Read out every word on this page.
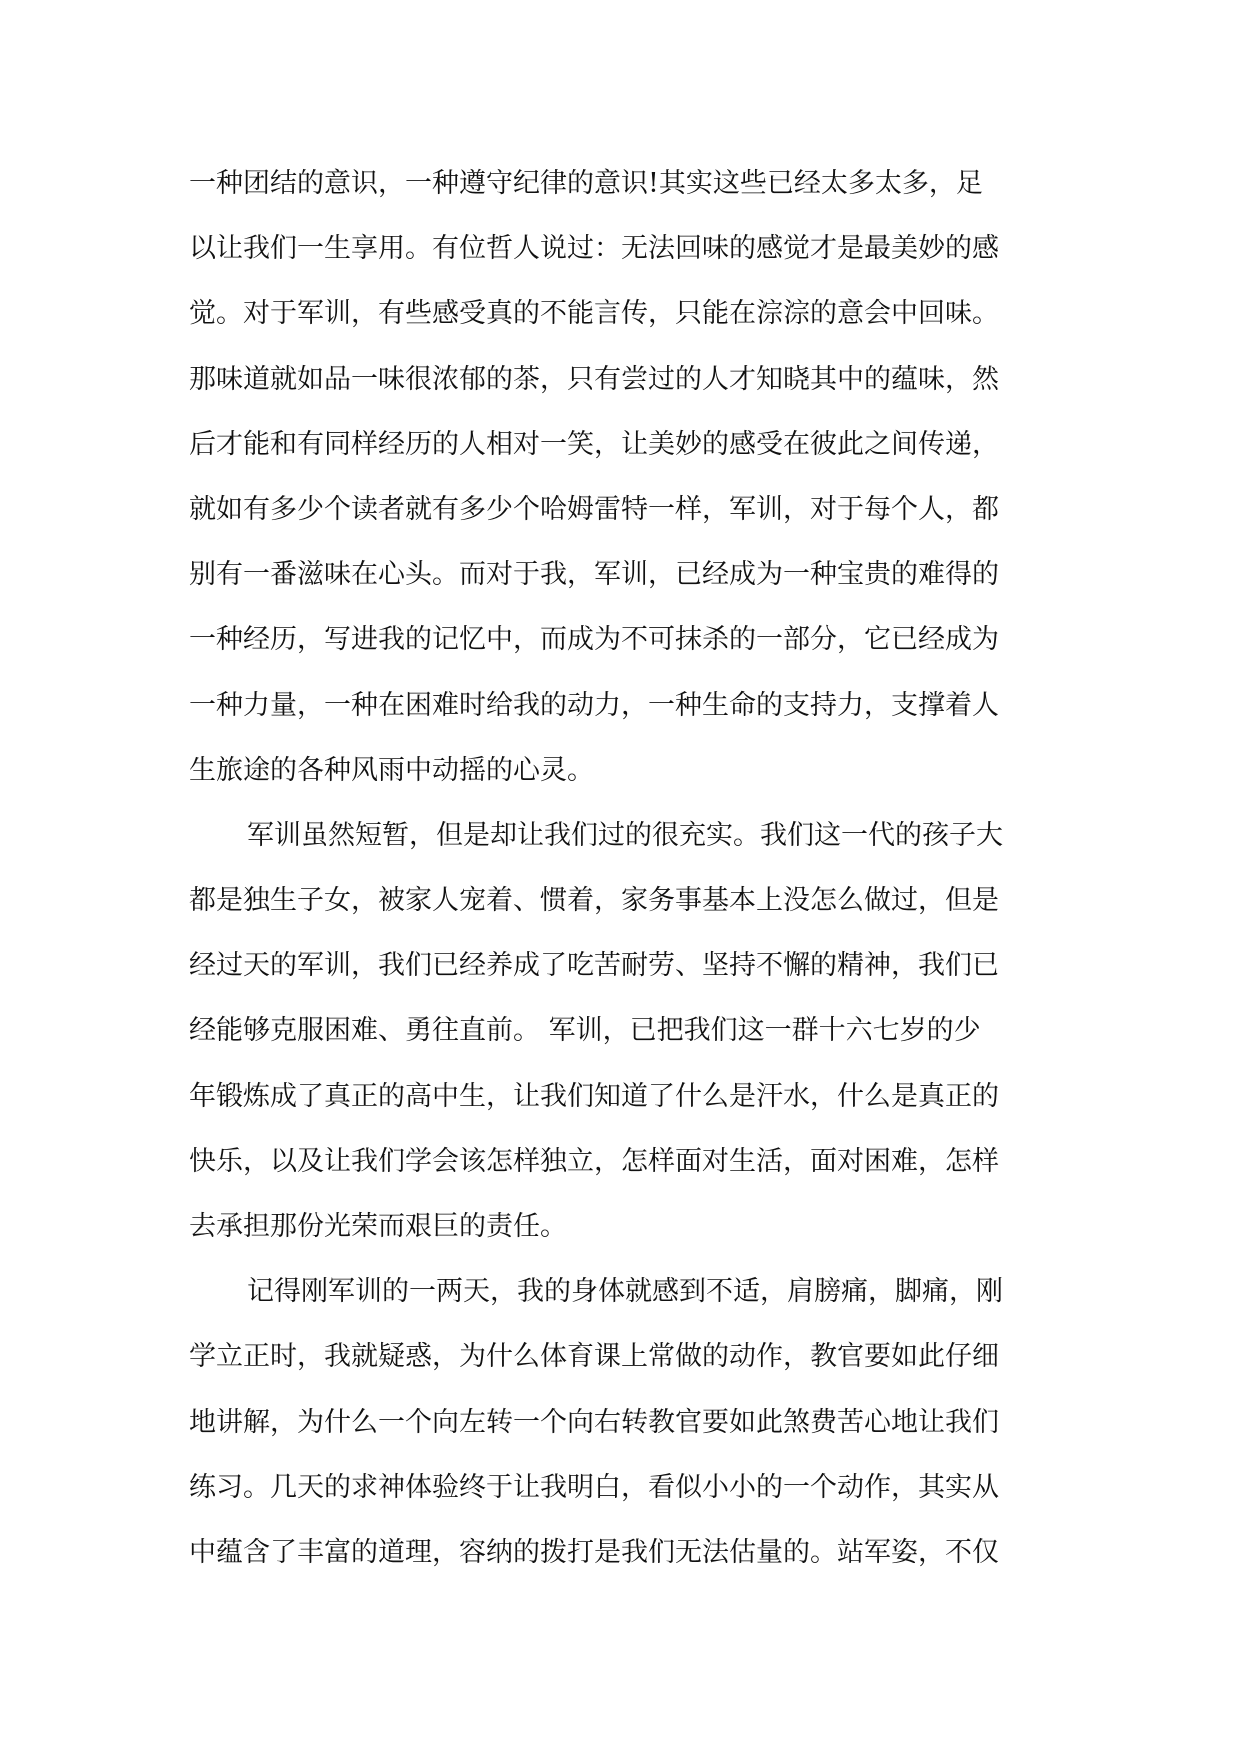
一种团结的意识，一种遵守纪律的意识!其实这些已经太多太多，足
以让我们一生享用。有位哲人说过：无法回味的感觉才是最美妙的感
觉。对于军训，有些感受真的不能言传，只能在淙淙的意会中回味。
那味道就如品一味很浓郁的茶，只有尝过的人才知晓其中的蕴味，然
后才能和有同样经历的人相对一笑，让美妙的感受在彼此之间传递，
就如有多少个读者就有多少个哈姆雷特一样，军训，对于每个人，都
别有一番滋味在心头。而对于我，军训，已经成为一种宝贵的难得的
一种经历，写进我的记忆中，而成为不可抹杀的一部分，它已经成为
一种力量，一种在困难时给我的动力，一种生命的支持力，支撑着人
生旅途的各种风雨中动摇的心灵。
军训虽然短暂，但是却让我们过的很充实。我们这一代的孩子大
都是独生子女，被家人宠着、惯着，家务事基本上没怎么做过，但是
经过天的军训，我们已经养成了吃苦耐劳、坚持不懈的精神，我们已
经能够克服困难、勇往直前。 军训，已把我们这一群十六七岁的少
年锻炼成了真正的高中生，让我们知道了什么是汗水，什么是真正的
快乐，以及让我们学会该怎样独立，怎样面对生活，面对困难，怎样
去承担那份光荣而艰巨的责任。
记得刚军训的一两天，我的身体就感到不适，肩膀痛，脚痛，刚
学立正时，我就疑惑，为什么体育课上常做的动作，教官要如此仔细
地讲解，为什么一个向左转一个向右转教官要如此煞费苦心地让我们
练习。几天的求神体验终于让我明白，看似小小的一个动作，其实从
中蕴含了丰富的道理，容纳的拨打是我们无法估量的。站军姿，不仅
